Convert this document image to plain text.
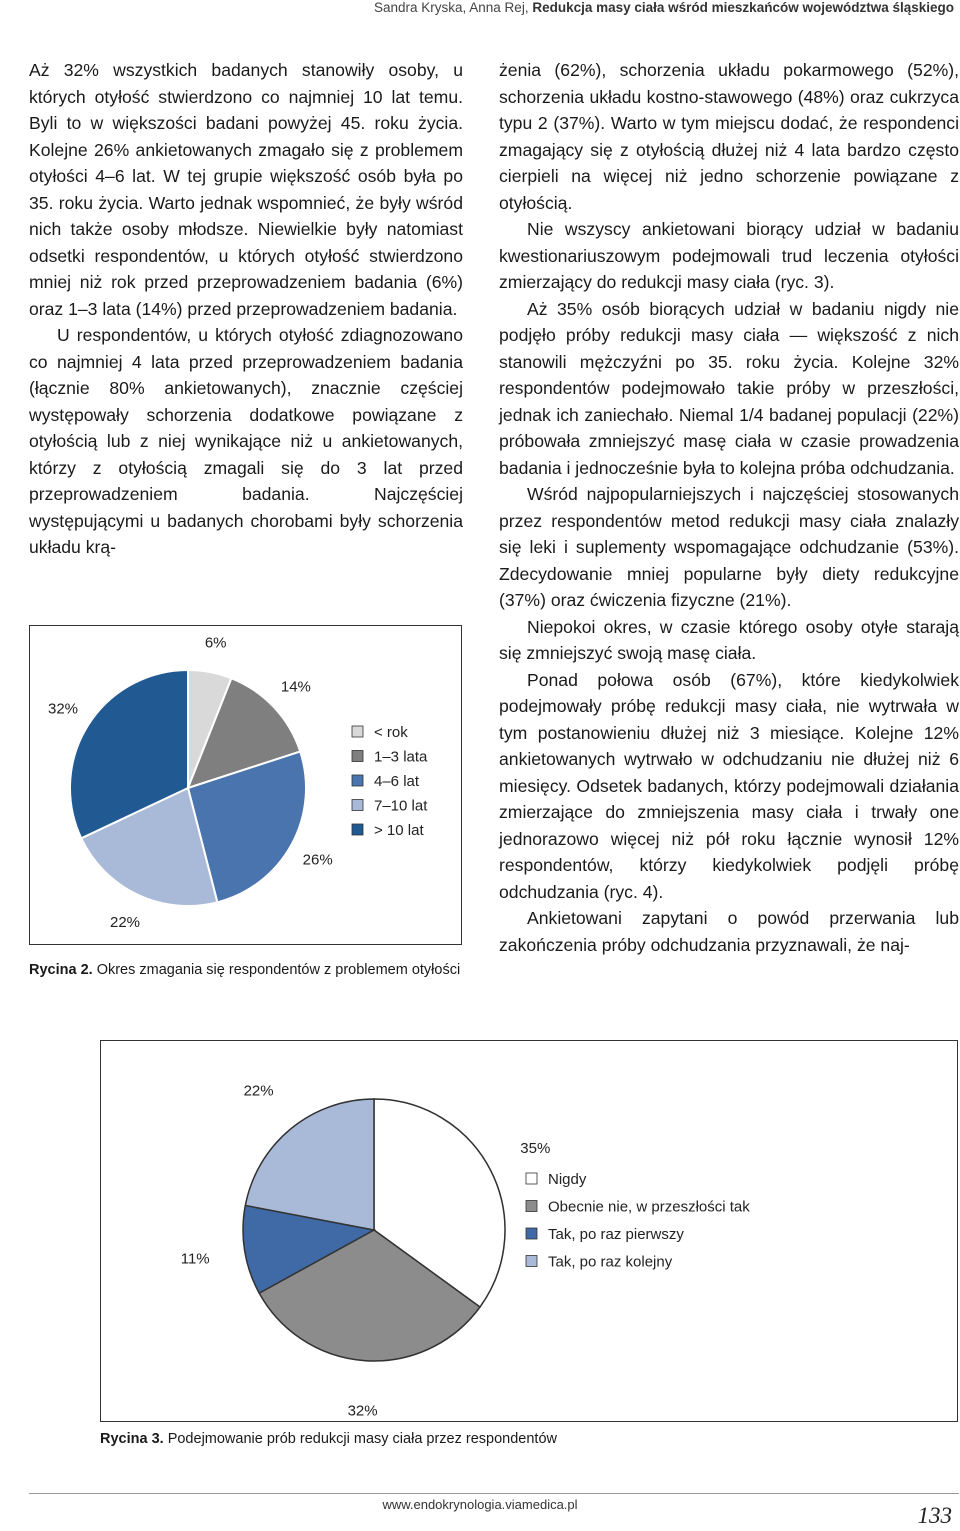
Sandra Kryska, Anna Rej, Redukcja masy ciała wśród mieszkańców województwa śląskiego

Aż 32% wszystkich badanych stanowiły osoby, u których otyłość stwierdzono co najmniej 10 lat temu. Byli to w większości badani powyżej 45. roku życia. Kolejne 26% ankietowanych zmagało się z problemem otyłości 4–6 lat. W tej grupie większość osób była po 35. roku życia. Warto jednak wspomnieć, że były wśród nich także osoby młodsze. Niewielkie były natomiast odsetki respondentów, u których otyłość stwierdzono mniej niż rok przed przeprowadzeniem badania (6%) oraz 1–3 lata (14%) przed przeprowadzeniem badania.

U respondentów, u których otyłość zdiagnozowano co najmniej 4 lata przed przeprowadzeniem badania (łącznie 80% ankietowanych), znacznie częściej występowały schorzenia dodatkowe powiązane z otyłością lub z niej wynikające niż u ankietowanych, którzy z otyłością zmagali się do 3 lat przed przeprowadzeniem badania. Najczęściej występującymi u badanych chorobami były schorzenia układu krą-

żenia (62%), schorzenia układu pokarmowego (52%), schorzenia układu kostno-stawowego (48%) oraz cukrzyca typu 2 (37%). Warto w tym miejscu dodać, że respondenci zmagający się z otyłością dłużej niż 4 lata bardzo często cierpieli na więcej niż jedno schorzenie powiązane z otyłością.

Nie wszyscy ankietowani biorący udział w badaniu kwestionariuszowym podejmowali trud leczenia otyłości zmierzający do redukcji masy ciała (ryc. 3).

Aż 35% osób biorących udział w badaniu nigdy nie podjęło próby redukcji masy ciała — większość z nich stanowili mężczyźni po 35. roku życia. Kolejne 32% respondentów podejmowało takie próby w przeszłości, jednak ich zaniechało. Niemal 1/4 badanej populacji (22%) próbowała zmniejszyć masę ciała w czasie prowadzenia badania i jednocześnie była to kolejna próba odchudzania.

Wśród najpopularniejszych i najczęściej stosowanych przez respondentów metod redukcji masy ciała znalazły się leki i suplementy wspomagające odchudzanie (53%). Zdecydowanie mniej popularne były diety redukcyjne (37%) oraz ćwiczenia fizyczne (21%).

Niepokoi okres, w czasie którego osoby otyłe starają się zmniejszyć swoją masę ciała.

Ponad połowa osób (67%), które kiedykolwiek podejmowały próbę redukcji masy ciała, nie wytrwała w tym postanowieniu dłużej niż 3 miesiące. Kolejne 12% ankietowanych wytrwało w odchudzaniu nie dłużej niż 6 miesięcy. Odsetek badanych, którzy podejmowali działania zmierzające do zmniejszenia masy ciała i trwały one jednorazowo więcej niż pół roku łącznie wynosił 12% respondentów, którzy kiedykolwiek podjęli próbę odchudzania (ryc. 4).

Ankietowani zapytani o powód przerwania lub zakończenia próby odchudzania przyznawali, że naj-

6%
14%
26%
22%
32%
< rok
1–3 lata
4–6 lat
7–10 lat
> 10 lat
Rycina 2. Okres zmagania się respondentów z problemem otyłości
35%
32%
11%
22%
Nigdy
Obecnie nie, w przeszłości tak
Tak, po raz pierwszy
Tak, po raz kolejny
Rycina 3. Podejmowanie prób redukcji masy ciała przez respondentów
www.endokrynologia.viamedica.pl	133
